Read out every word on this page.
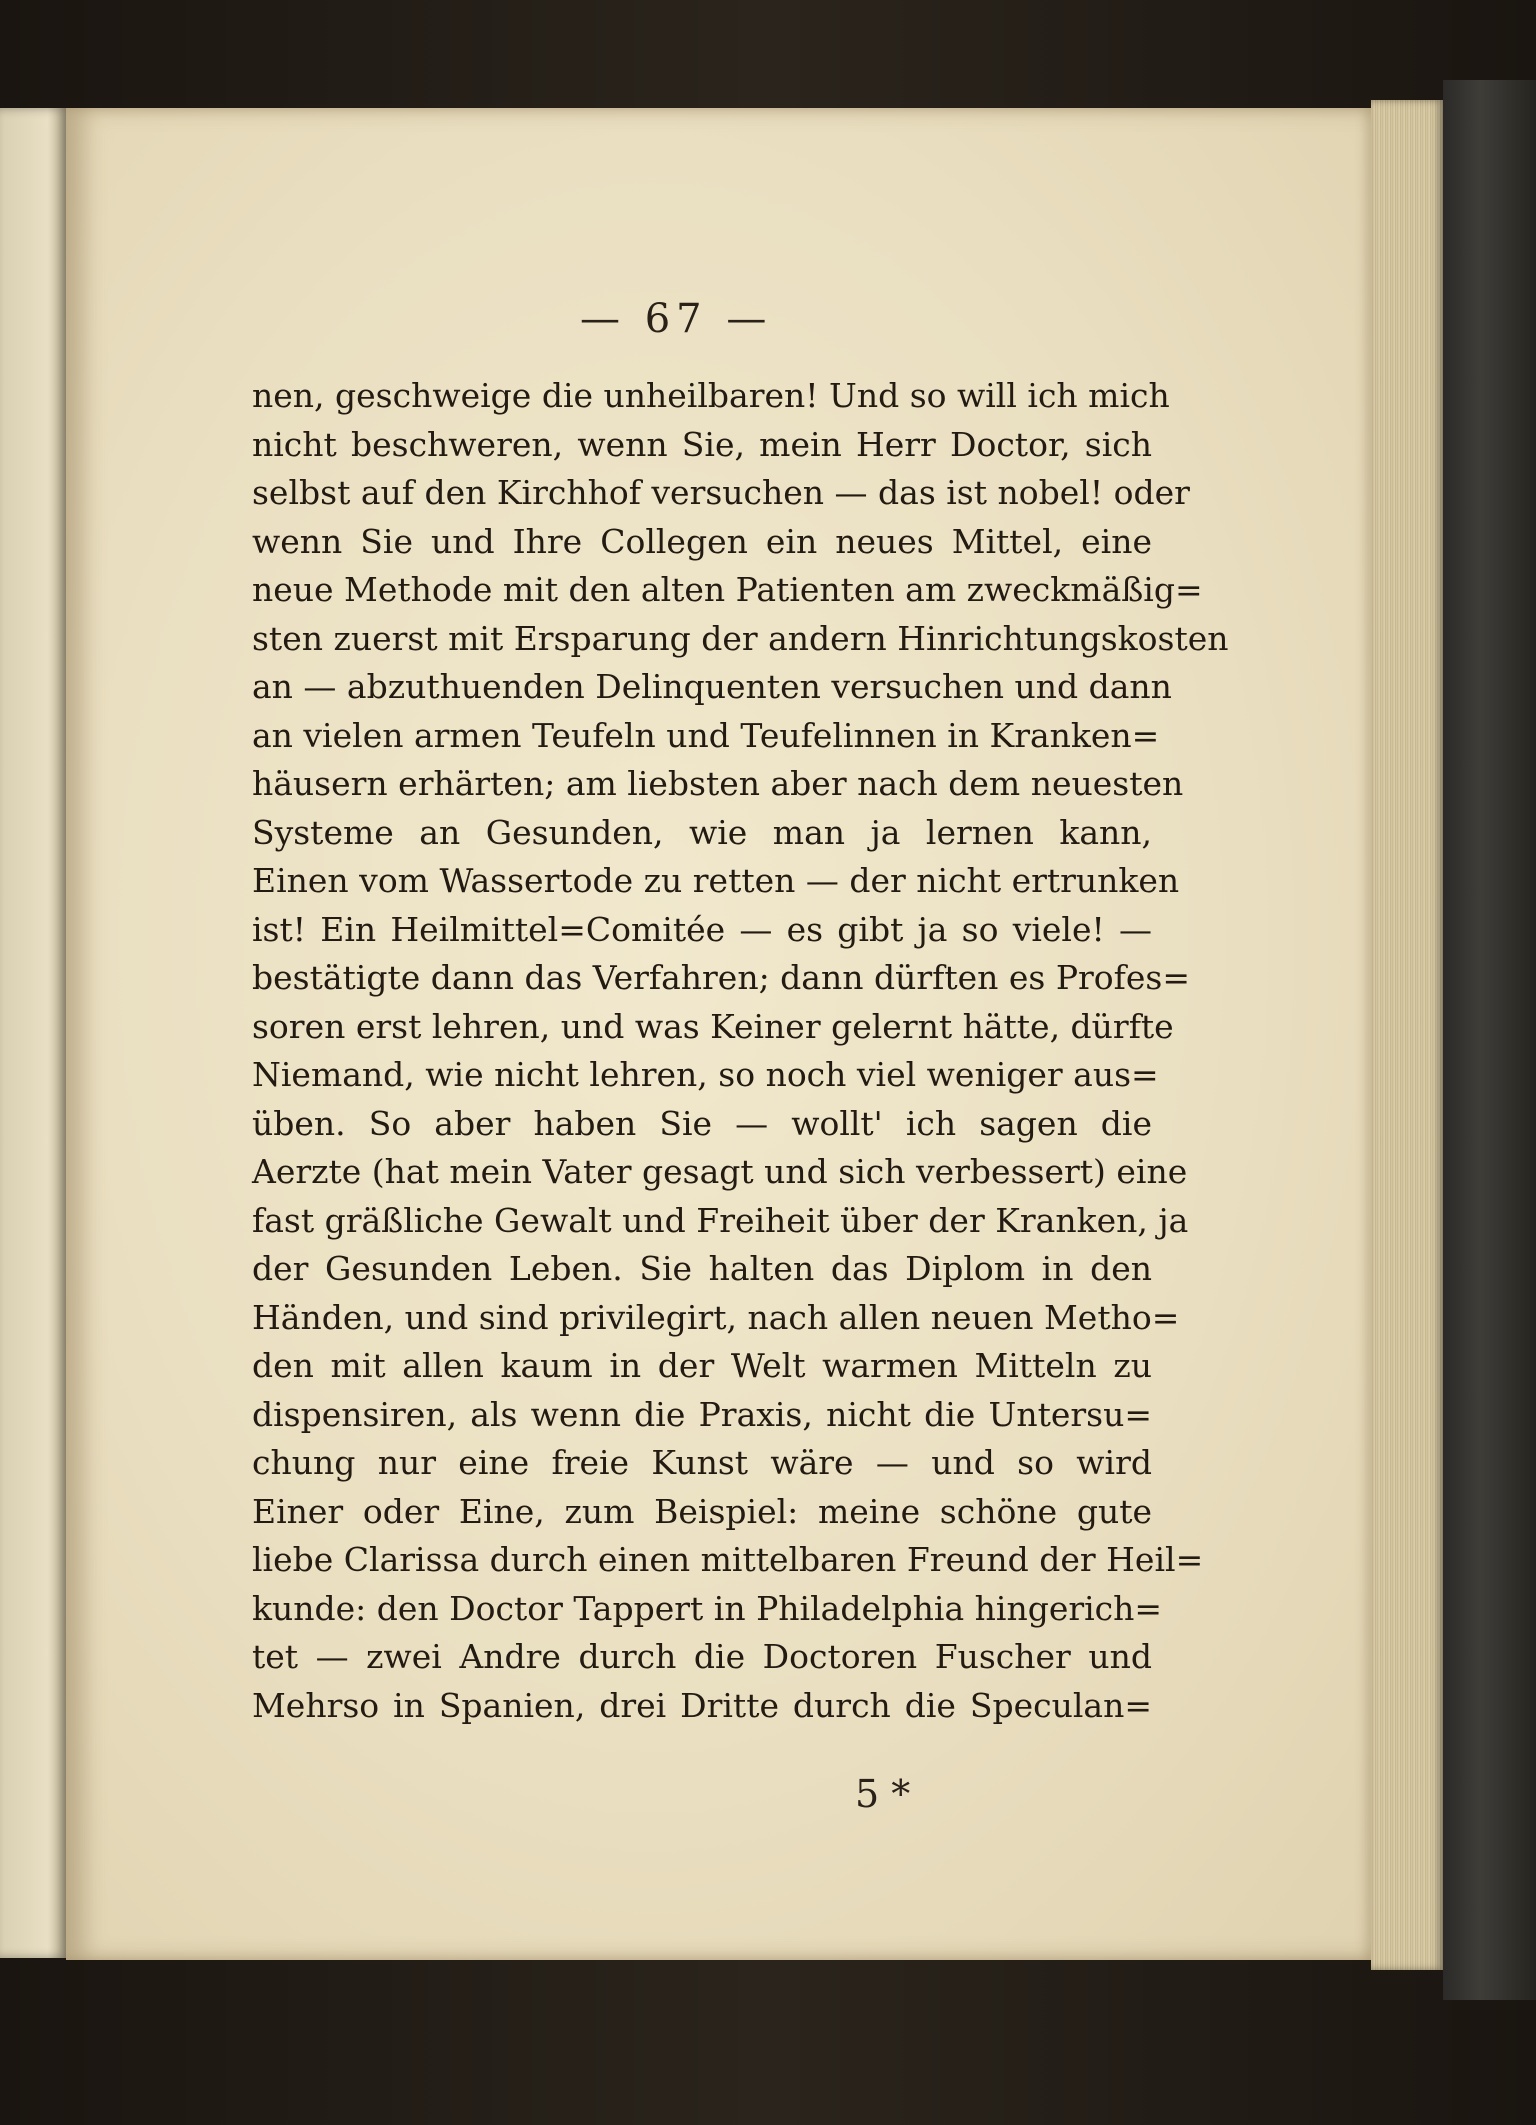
— 67 —
nen, geschweige die unheilbaren! Und so will ich mich
nicht beschweren, wenn Sie, mein Herr Doctor, sich
selbst auf den Kirchhof versuchen — das ist nobel! oder
wenn Sie und Ihre Collegen ein neues Mittel, eine
neue Methode mit den alten Patienten am zweckmäßig=
sten zuerst mit Ersparung der andern Hinrichtungskosten
an — abzuthuenden Delinquenten versuchen und dann
an vielen armen Teufeln und Teufelinnen in Kranken=
häusern erhärten; am liebsten aber nach dem neuesten
Systeme an Gesunden, wie man ja lernen kann,
Einen vom Wassertode zu retten — der nicht ertrunken
ist! Ein Heilmittel=Comitée — es gibt ja so viele! —
bestätigte dann das Verfahren; dann dürften es Profes=
soren erst lehren, und was Keiner gelernt hätte, dürfte
Niemand, wie nicht lehren, so noch viel weniger aus=
üben. So aber haben Sie — wollt' ich sagen die
Aerzte (hat mein Vater gesagt und sich verbessert) eine
fast gräßliche Gewalt und Freiheit über der Kranken, ja
der Gesunden Leben. Sie halten das Diplom in den
Händen, und sind privilegirt, nach allen neuen Metho=
den mit allen kaum in der Welt warmen Mitteln zu
dispensiren, als wenn die Praxis, nicht die Untersu=
chung nur eine freie Kunst wäre — und so wird
Einer oder Eine, zum Beispiel: meine schöne gute
liebe Clarissa durch einen mittelbaren Freund der Heil=
kunde: den Doctor Tappert in Philadelphia hingerich=
tet — zwei Andre durch die Doctoren Fuscher und
Mehrso in Spanien, drei Dritte durch die Speculan=
5 *
